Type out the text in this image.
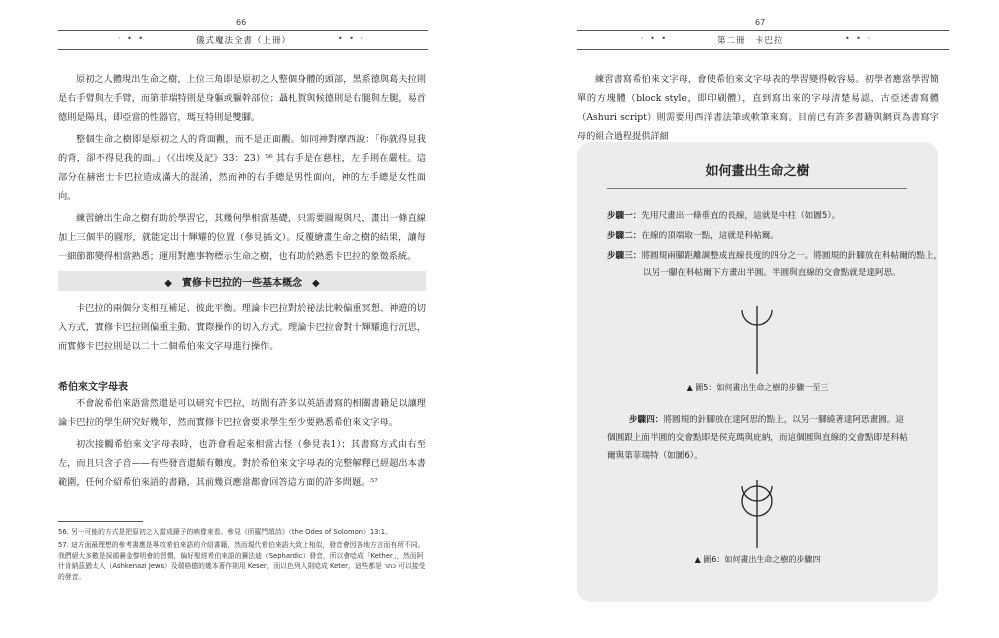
66
· • •	儀式魔法全書（上冊）	• • ·

原初之人體現出生命之樹，上位三角即是原初之人整個身體的頭部，黑系德與葛夫拉則是右手臂與左手臂，而第菲瑞特則是身軀或軀幹部位；聶札賀與候德則是右腿與左腿，易首德則是陽具，即亞當的性器官，瑪互特則是雙腳。

整個生命之樹即是原初之人的背面觀，而不是正面觀。如同神對摩西說：「你就得見我的背，卻不得見我的面。」（《出埃及記》33：23）⁵⁶ 其右手是在慈柱，左手則在嚴柱。這部分在赫密士卡巴拉造成滿大的混淆，然而神的右手總是男性面向，神的左手總是女性面向。

練習繪出生命之樹有助於學習它，其幾何學相當基礎，只需要圓規與尺，畫出一條直線加上三個半的圓形，就能定出十輝耀的位置（參見插文）。反覆繪畫生命之樹的結果，讓每一細節都變得相當熟悉；運用對應事物標示生命之樹，也有助於熟悉卡巴拉的象徵系統。

◆　實修卡巴拉的一些基本概念　◆

卡巴拉的兩個分支相互補足、彼此平衡。理論卡巴拉對於祕法比較偏重冥想、神遊的切入方式，實修卡巴拉則偏重主動、實際操作的切入方式。理論卡巴拉會對十輝耀進行沉思，而實修卡巴拉則是以二十二個希伯來文字母進行操作。

希伯來文字母表

不會說希伯來語當然還是可以研究卡巴拉，坊間有許多以英語書寫的相關書籍足以讓理論卡巴拉的學生研究好幾年，然而實修卡巴拉會要求學生至少要熟悉希伯來文字母。

初次接觸希伯來文字母表時，也許會看起來相當古怪（參見表1）；其書寫方式由右至左，而且只含子音——有些發音還頗有難度。對於希伯來文字母表的完整解釋已經超出本書範圍，任何介紹希伯來語的書籍，其前幾頁應當都會回答這方面的許多問題。⁵⁷

56. 另一可能的方式是把原初之人當成鏡子的映像來看。參見《所羅門頌詩》（the Odes of Solomon）13:1。
57. 這方面最理想的參考書應是專攻希伯來語的介紹書籍，然而現代希伯來語大致上相似，發音會因各地方言而有所不同。我們絕大多數是採循賽金黎明會的習慣，偏好聖經希伯來語的賽法迪（Sephardic）發音，所以會唸成「Kether」，然而阿什肯納茲猶太人（Ashkenazi Jews）及瑞格德的幾本著作則用 Keser，而以色列人則唸成 Keter，這些都是 כתר 可以接受的發音。
67
· • •	第二冊　卡巴拉	• • ·

練習書寫希伯來文字母，會使希伯來文字母表的學習變得較容易。初學者應當學習簡單的方塊體（block style，即印刷體），直到寫出來的字母清楚易認，古亞述書寫體（Ashuri script）則需要用西洋書法筆或軟筆來寫。目前已有許多書籍與網頁為書寫字母的組合過程提供詳細

如何畫出生命之樹
步驟一：先用尺畫出一條垂直的長線，這就是中柱（如圖5）。
步驟二：在線的頂端取一點，這就是科帖爾。
步驟三：將圓規兩腳距離調整成直線長度的四分之一。將圓規的針腳放在科帖爾的點上，以另一腳在科帖爾下方畫出半圓。半圓與直線的交會點就是達阿思。
▲ 圖5：如何畫出生命之樹的步驟一至三
步驟四：將圓規的針腳放在達阿思的點上，以另一腳繞著達阿思畫圓。這個圓跟上面半圓的交會點即是侯克瑪與庇納，而這個圓與直線的交會點即是科帖爾與第菲瑞特（如圖6）。
▲ 圖6：如何畫出生命之樹的步驟四
